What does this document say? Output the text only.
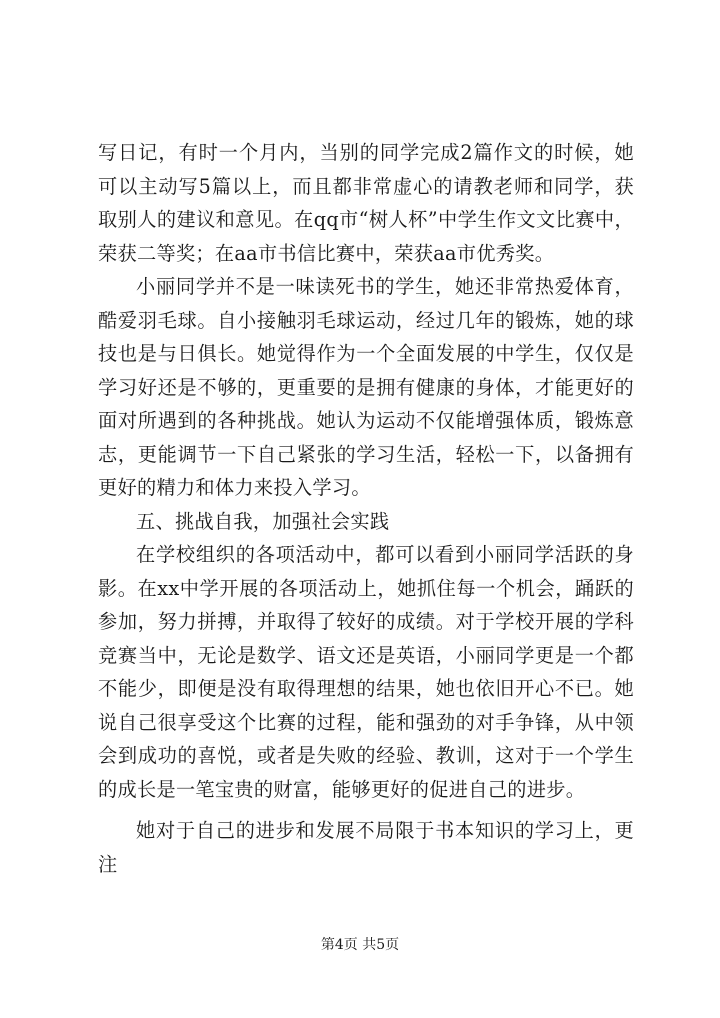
写日记，有时一个月内，当别的同学完成2篇作文的时候，她可以主动写5篇以上，而且都非常虚心的请教老师和同学，获取别人的建议和意见。在qq市“树人杯”中学生作文文比赛中，荣获二等奖；在aa市书信比赛中，荣获aa市优秀奖。

小丽同学并不是一味读死书的学生，她还非常热爱体育，酷爱羽毛球。自小接触羽毛球运动，经过几年的锻炼，她的球技也是与日俱长。她觉得作为一个全面发展的中学生，仅仅是学习好还是不够的，更重要的是拥有健康的身体，才能更好的面对所遇到的各种挑战。她认为运动不仅能增强体质，锻炼意志，更能调节一下自己紧张的学习生活，轻松一下，以备拥有更好的精力和体力来投入学习。

五、挑战自我，加强社会实践

在学校组织的各项活动中，都可以看到小丽同学活跃的身影。在xx中学开展的各项活动上，她抓住每一个机会，踊跃的参加，努力拼搏，并取得了较好的成绩。对于学校开展的学科竞赛当中，无论是数学、语文还是英语，小丽同学更是一个都不能少，即便是没有取得理想的结果，她也依旧开心不已。她说自己很享受这个比赛的过程，能和强劲的对手争锋，从中领会到成功的喜悦，或者是失败的经验、教训，这对于一个学生的成长是一笔宝贵的财富，能够更好的促进自己的进步。

她对于自己的进步和发展不局限于书本知识的学习上，更注

第4页 共5页
